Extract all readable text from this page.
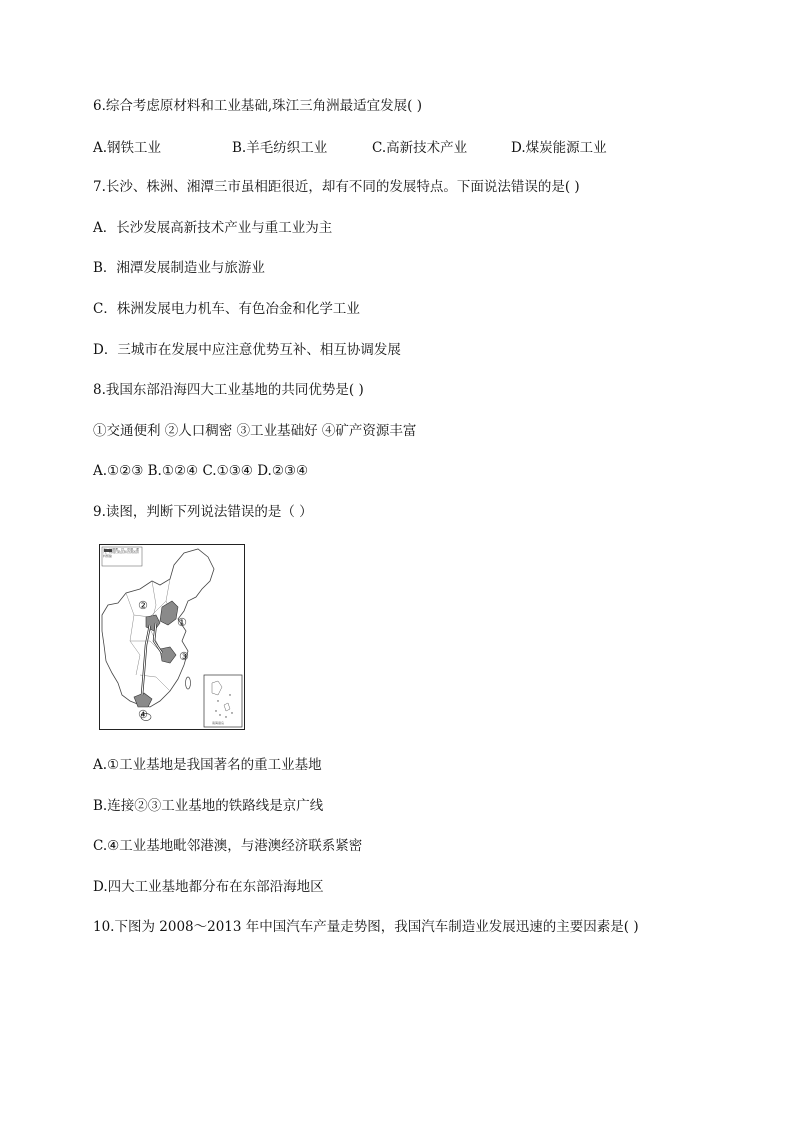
6.综合考虑原材料和工业基础,珠江三角洲最适宜发展( )
A.钢铁工业	B.羊毛纺织工业	C.高新技术产业	D.煤炭能源工业
7.长沙、株洲、湘潭三市虽相距很近，却有不同的发展特点。下面说法错误的是( )
A．长沙发展高新技术产业与重工业为主
B．湘潭发展制造业与旅游业
C．株洲发展电力机车、有色冶金和化学工业
D．三城市在发展中应注意优势互补、相互协调发展
8.我国东部沿海四大工业基地的共同优势是( )
①交通便利 ②人口稠密 ③工业基础好 ④矿产资源丰富
A.①②③ B.①②④ C.①③④ D.②③④
9.读图，判断下列说法错误的是（ ）
注：京港澳、台、香港、澳门、特别行政区和台湾省资料暂缺
南海诸岛
②
①
③
④
A.①工业基地是我国著名的重工业基地
B.连接②③工业基地的铁路线是京广线
C.④工业基地毗邻港澳，与港澳经济联系紧密
D.四大工业基地都分布在东部沿海地区
10.下图为 2008～2013 年中国汽车产量走势图，我国汽车制造业发展迅速的主要因素是( )
